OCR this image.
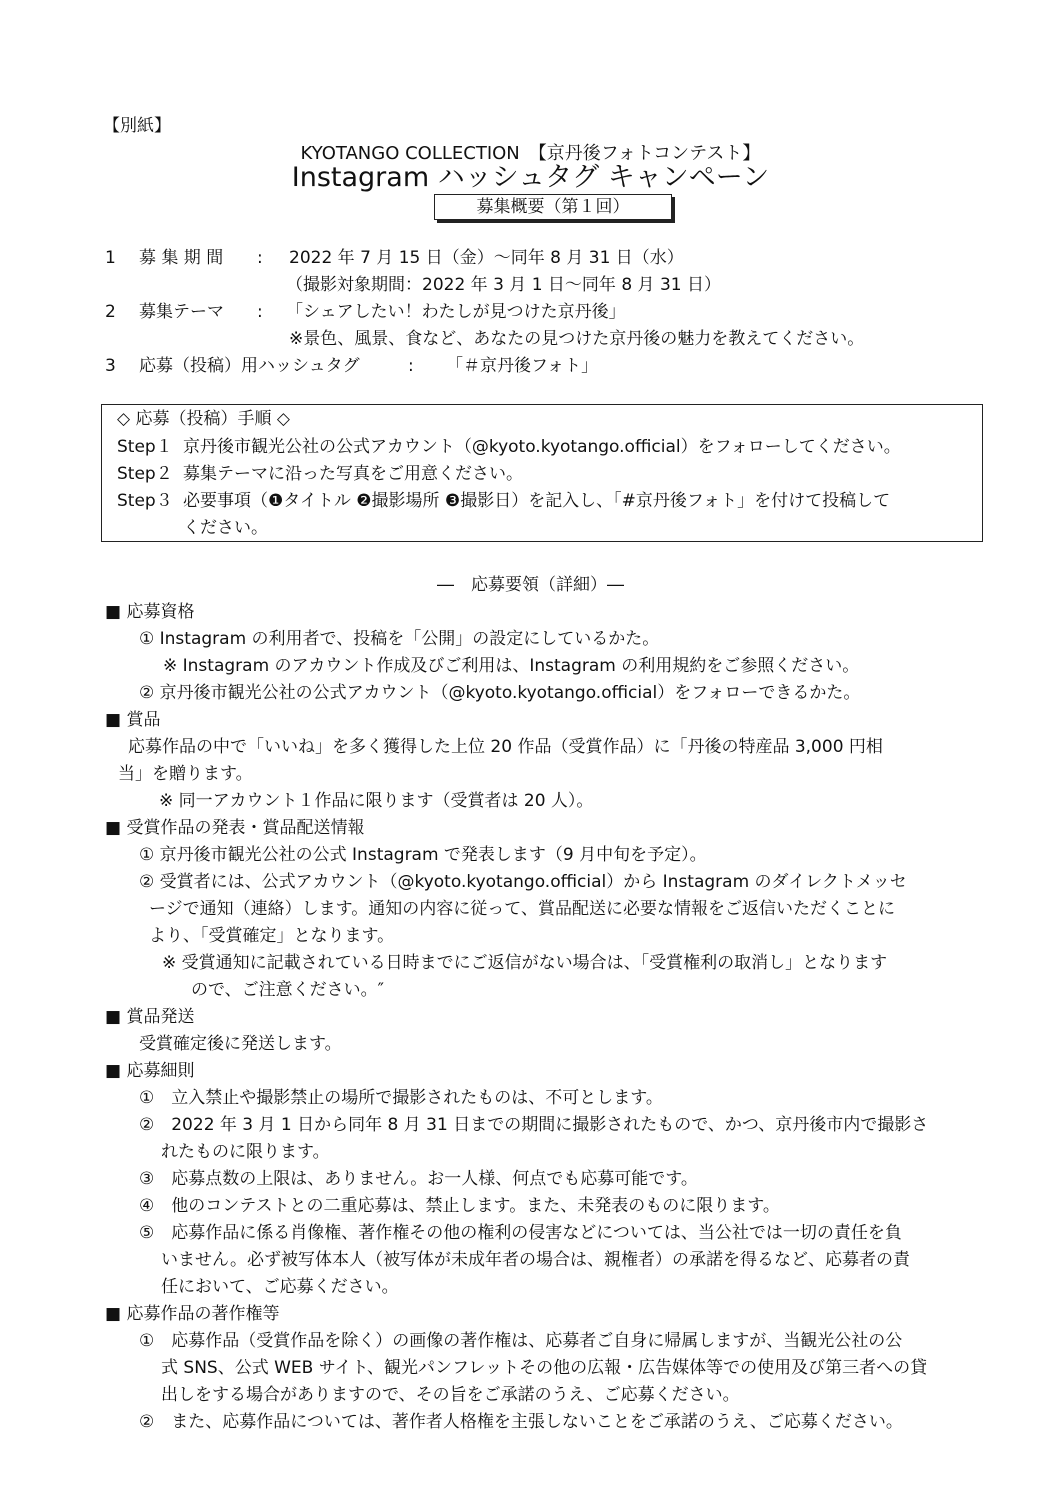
【別紙】
KYOTANGO COLLECTION　【京丹後フォトコンテスト】
Instagram ハッシュタグ キャンペーン
募集概要（第１回）
1 募 集 期 間 : 2022 年 7 月 15 日（金）～同年 8 月 31 日（水）
（撮影対象期間：2022 年 3 月 1 日～同年 8 月 31 日）
2 募集テーマ : 「シェアしたい！わたしが見つけた京丹後」
※景色、風景、食など、あなたの見つけた京丹後の魅力を教えてください。
3 応募（投稿）用ハッシュタグ	: 「＃京丹後フォト」
◇ 応募（投稿）手順 ◇
Step１ 京丹後市観光公社の公式アカウント（@kyoto.kyotango.official）をフォローしてください。
Step２ 募集テーマに沿った写真をご用意ください。
Step３ 必要事項（❶タイトル ❷撮影場所 ❸撮影日）を記入し、「#京丹後フォト」を付けて投稿して
ください。
―　応募要領（詳細）―
■ 応募資格
① Instagram の利用者で、投稿を「公開」の設定にしているかた。
※ Instagram のアカウント作成及びご利用は、Instagram の利用規約をご参照ください。
② 京丹後市観光公社の公式アカウント（@kyoto.kyotango.official）をフォローできるかた。
■ 賞品
応募作品の中で「いいね」を多く獲得した上位 20 作品（受賞作品）に「丹後の特産品 3,000 円相
当」を贈ります。
※ 同一アカウント１作品に限ります（受賞者は 20 人）。
■ 受賞作品の発表・賞品配送情報
① 京丹後市観光公社の公式 Instagram で発表します（9 月中旬を予定）。
② 受賞者には、公式アカウント（@kyoto.kyotango.official）から Instagram のダイレクトメッセ
ージで通知（連絡）します。通知の内容に従って、賞品配送に必要な情報をご返信いただくことに
より、「受賞確定」となります。
※ 受賞通知に記載されている日時までにご返信がない場合は、「受賞権利の取消し」となります
ので、ご注意ください。″
■ 賞品発送
受賞確定後に発送します。
■ 応募細則
①　立入禁止や撮影禁止の場所で撮影されたものは、不可とします。
②　2022 年 3 月 1 日から同年 8 月 31 日までの期間に撮影されたもので、かつ、京丹後市内で撮影さ
れたものに限ります。
③　応募点数の上限は、ありません。お一人様、何点でも応募可能です。
④　他のコンテストとの二重応募は、禁止します。また、未発表のものに限ります。
⑤　応募作品に係る肖像権、著作権その他の権利の侵害などについては、当公社では一切の責任を負
いません。必ず被写体本人（被写体が未成年者の場合は、親権者）の承諾を得るなど、応募者の責
任において、ご応募ください。
■ 応募作品の著作権等
①　応募作品（受賞作品を除く）の画像の著作権は、応募者ご自身に帰属しますが、当観光公社の公
式 SNS、公式 WEB サイト、観光パンフレットその他の広報・広告媒体等での使用及び第三者への貸
出しをする場合がありますので、その旨をご承諾のうえ、ご応募ください。
②　また、応募作品については、著作者人格権を主張しないことをご承諾のうえ、ご応募ください。
